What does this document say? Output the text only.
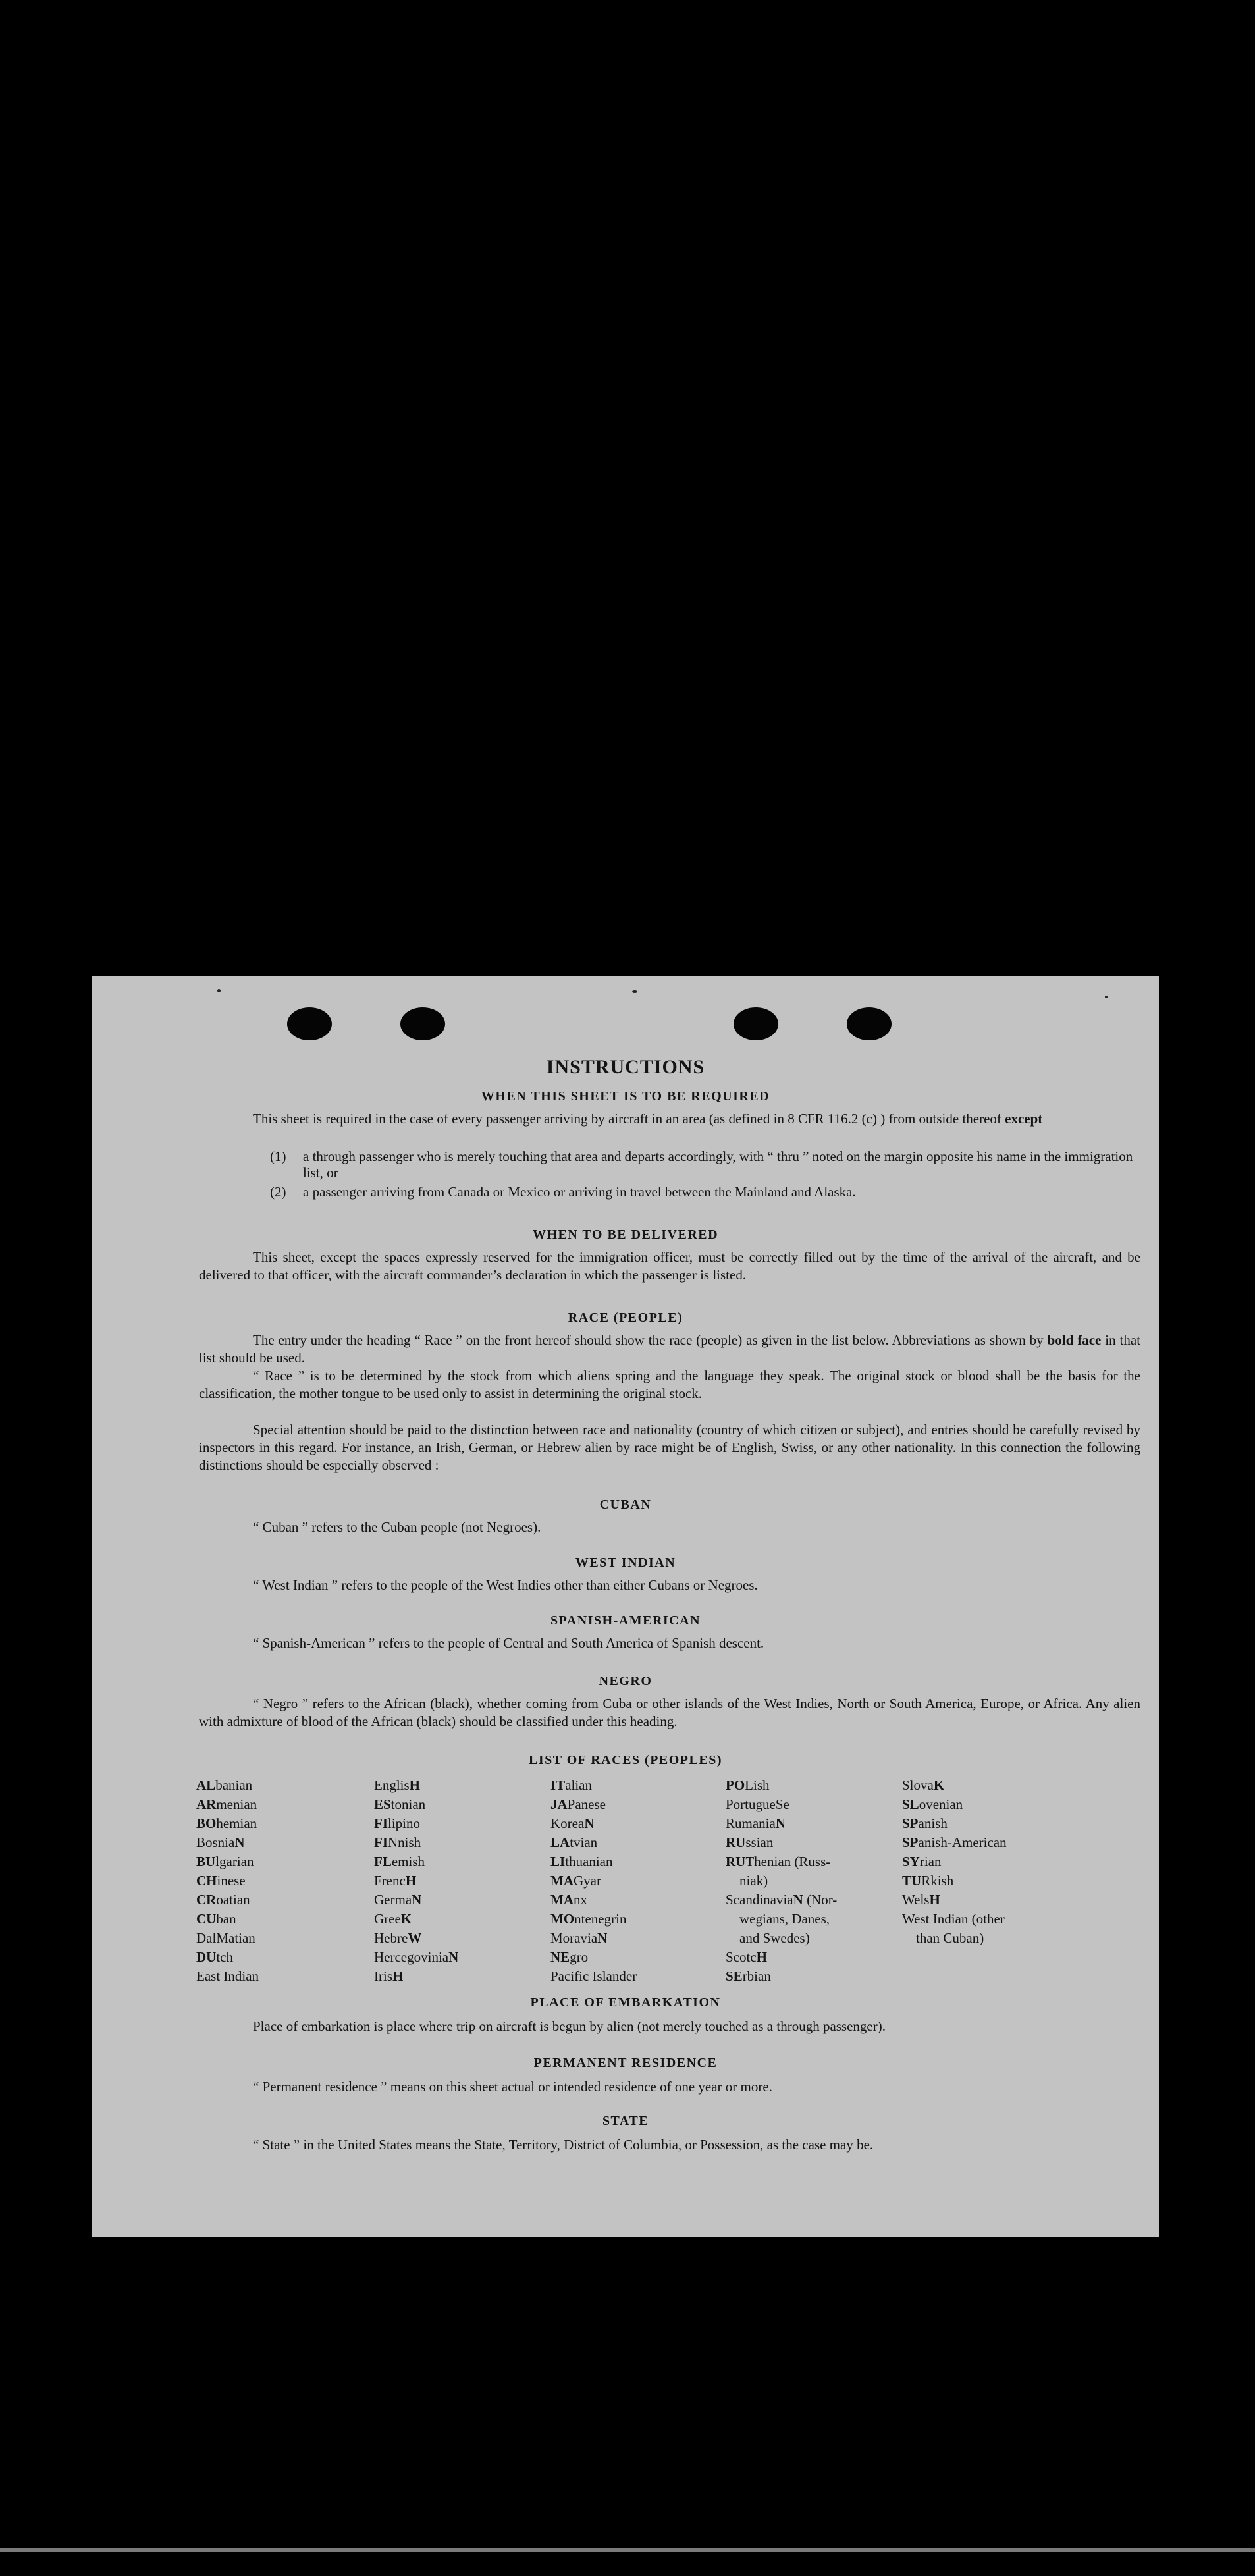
INSTRUCTIONS
WHEN THIS SHEET IS TO BE REQUIRED

This sheet is required in the case of every passenger arriving by aircraft in an area (as defined in 8 CFR 116.2 (c) ) from outside thereof except

(1) a through passenger who is merely touching that area and departs accordingly, with “ thru ” noted on the margin opposite his name in the immigration list, or
(2) a passenger arriving from Canada or Mexico or arriving in travel between the Mainland and Alaska.
WHEN TO BE DELIVERED

This sheet, except the spaces expressly reserved for the immigration officer, must be correctly filled out by the time of the arrival of the aircraft, and be delivered to that officer, with the aircraft commander’s declaration in which the passenger is listed.

RACE (PEOPLE)

The entry under the heading “ Race ” on the front hereof should show the race (people) as given in the list below. Abbreviations as shown by bold face in that list should be used.

“ Race ” is to be determined by the stock from which aliens spring and the language they speak. The original stock or blood shall be the basis for the classification, the mother tongue to be used only to assist in determining the original stock.

Special attention should be paid to the distinction between race and nationality (country of which citizen or subject), and entries should be carefully revised by inspectors in this regard. For instance, an Irish, German, or Hebrew alien by race might be of English, Swiss, or any other nationality. In this connection the following distinctions should be especially observed :

CUBAN

“ Cuban ” refers to the Cuban people (not Negroes).

WEST INDIAN

“ West Indian ” refers to the people of the West Indies other than either Cubans or Negroes.

SPANISH-AMERICAN

“ Spanish-American ” refers to the people of Central and South America of Spanish descent.

NEGRO

“ Negro ” refers to the African (black), whether coming from Cuba or other islands of the West Indies, North or South America, Europe, or Africa. Any alien with admixture of blood of the African (black) should be classified under this heading.

LIST OF RACES (PEOPLES)
ALbanian
ARmenian
BOhemian
BosniaN
BUlgarian
CHinese
CRoatian
CUban
DalMatian
DUtch
East Indian
EnglisH
EStonian
FIlipino
FINnish
FLemish
FrencH
GermaN
GreeK
HebreW
HercegoviniaN
IrisH
ITalian
JAPanese
KoreaN
LAtvian
LIthuanian
MAGyar
MAnx
MOntenegrin
MoraviaN
NEgro
Pacific Islander
POLish
PortugueSe
RumaniaN
RUssian
RUThenian (Russ-
 niak)
ScandinaviaN (Nor-
 wegians, Danes,
 and Swedes)
ScotcH
SErbian
SlovaK
SLovenian
SPanish
SPanish-American
SYrian
TURkish
WelsH
West Indian (other
 than Cuban)
PLACE OF EMBARKATION

Place of embarkation is place where trip on aircraft is begun by alien (not merely touched as a through passenger).

PERMANENT RESIDENCE

“ Permanent residence ” means on this sheet actual or intended residence of one year or more.

STATE

“ State ” in the United States means the State, Territory, District of Columbia, or Possession, as the case may be.
